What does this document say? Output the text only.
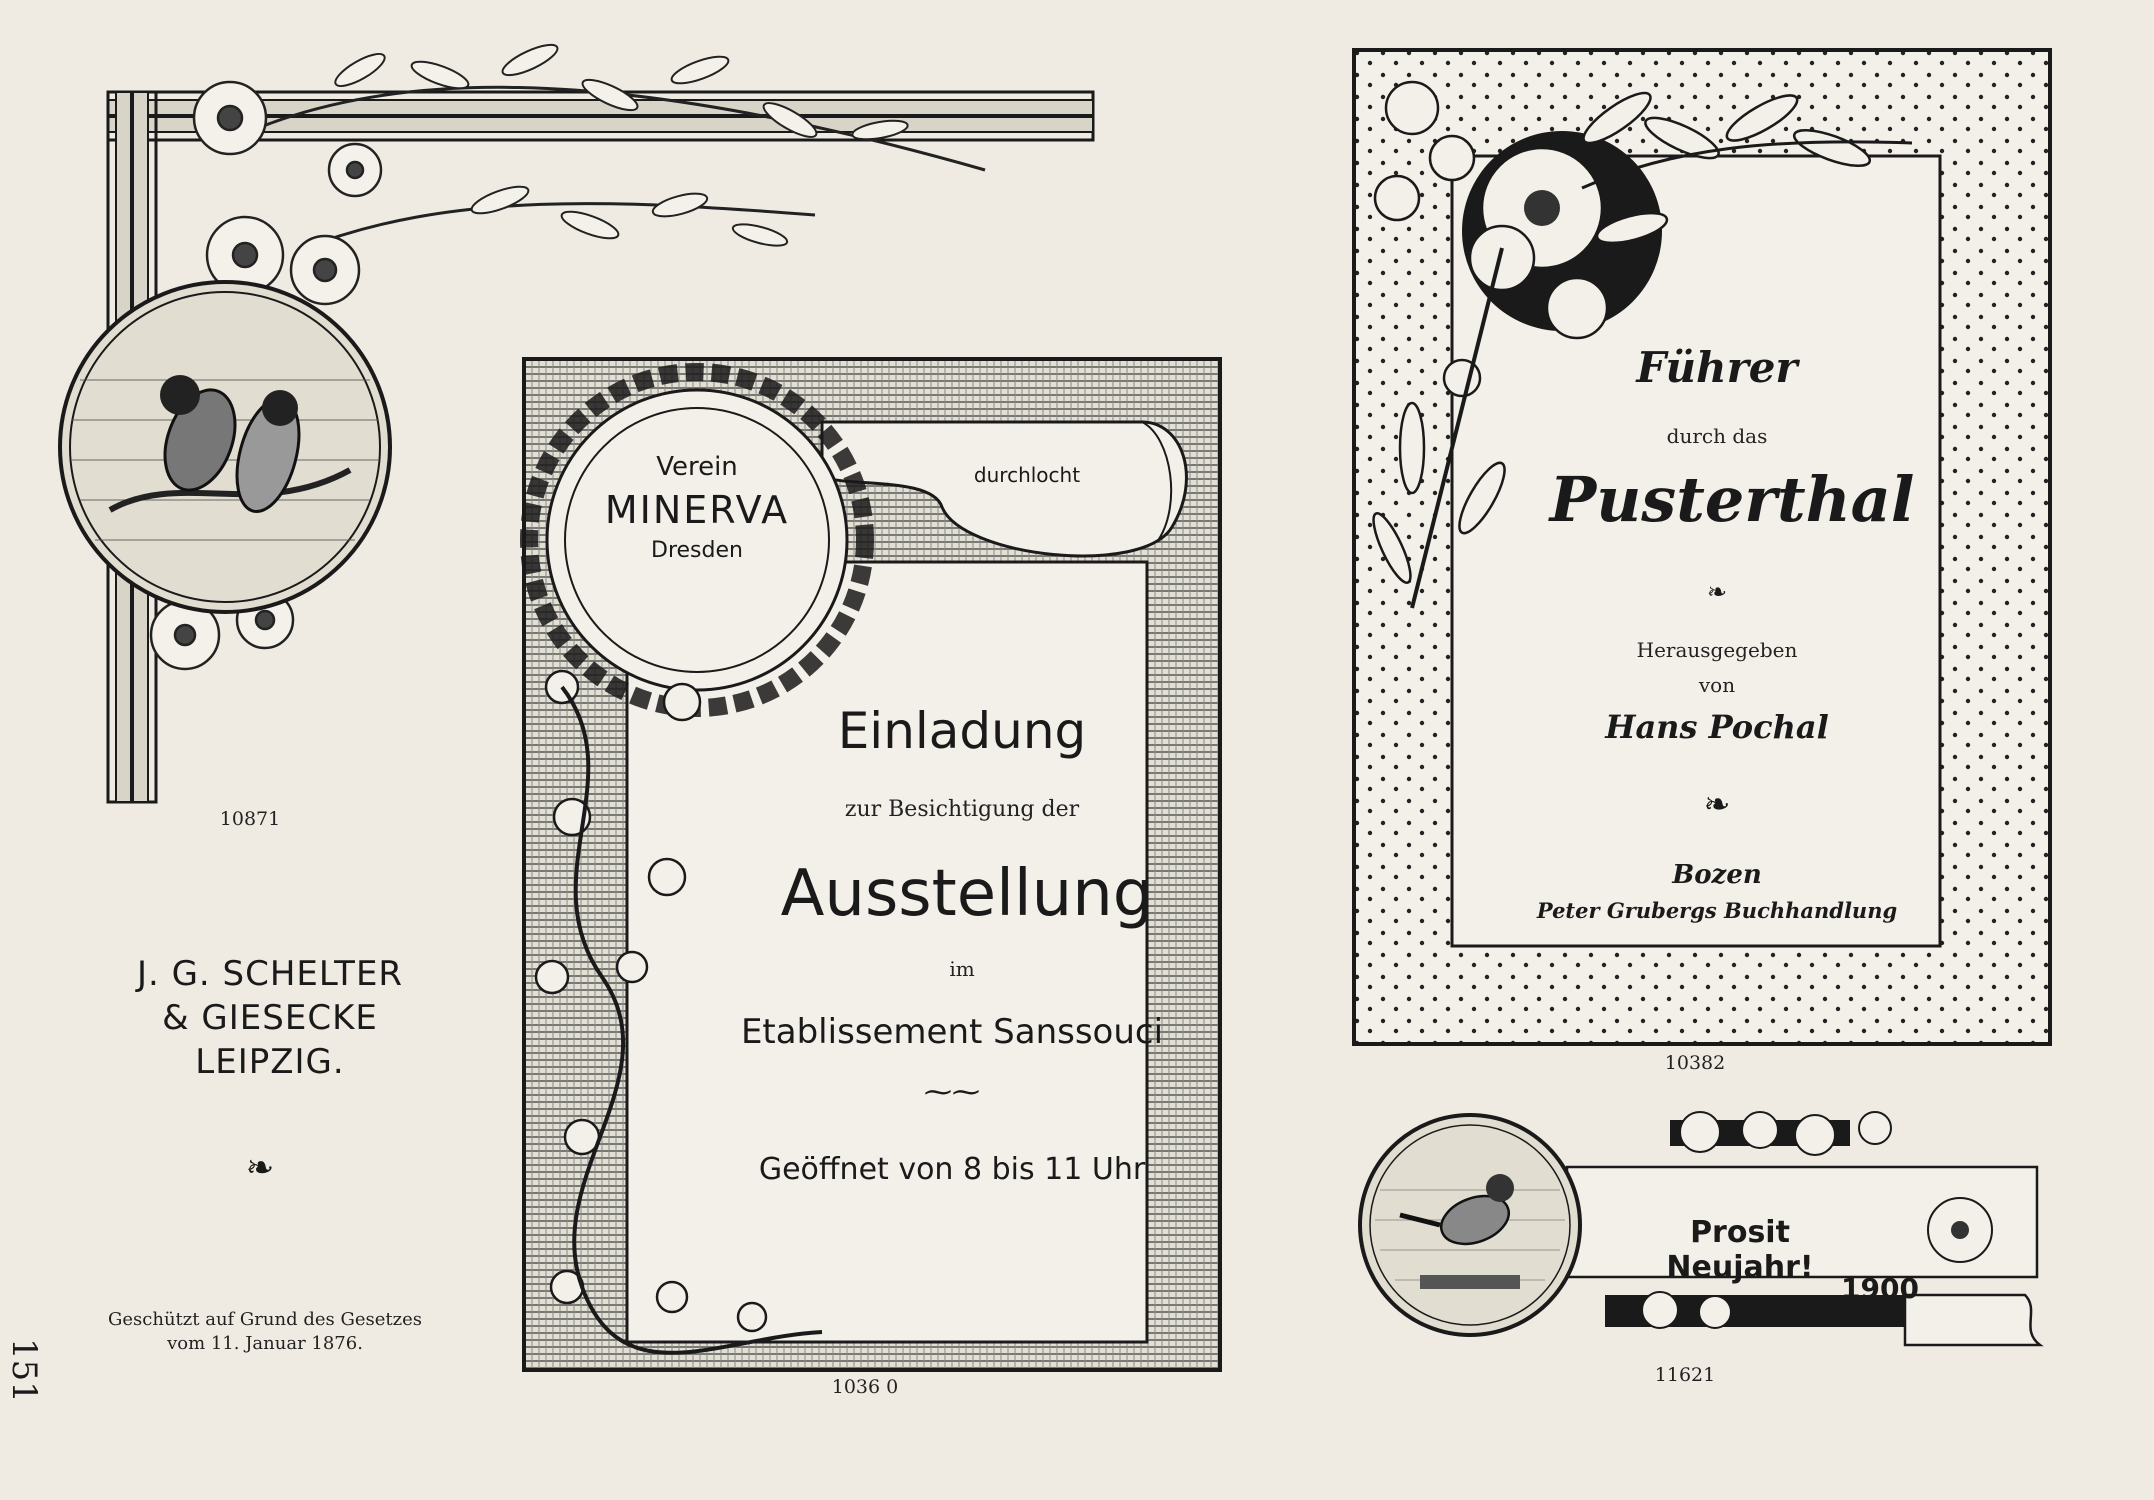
10871
J. G. SCHELTER
& GIESECKE
LEIPZIG.
❧
Geschützt auf Grund des Gesetzes
vom 11. Januar 1876.
151
Verein
MINERVA
Dresden
durchlocht
Einladung
zur Besichtigung der
Ausstellung
im
Etablissement Sanssouci
⁓⁓
Geöffnet von 8 bis 11 Uhr
1036 0
Führer
durch das
Pusterthal
❧
Herausgegeben
von
Hans Pochal
❧
Bozen
Peter Grubergs Buchhandlung
10382
Prosit Neujahr!
1900
11621
